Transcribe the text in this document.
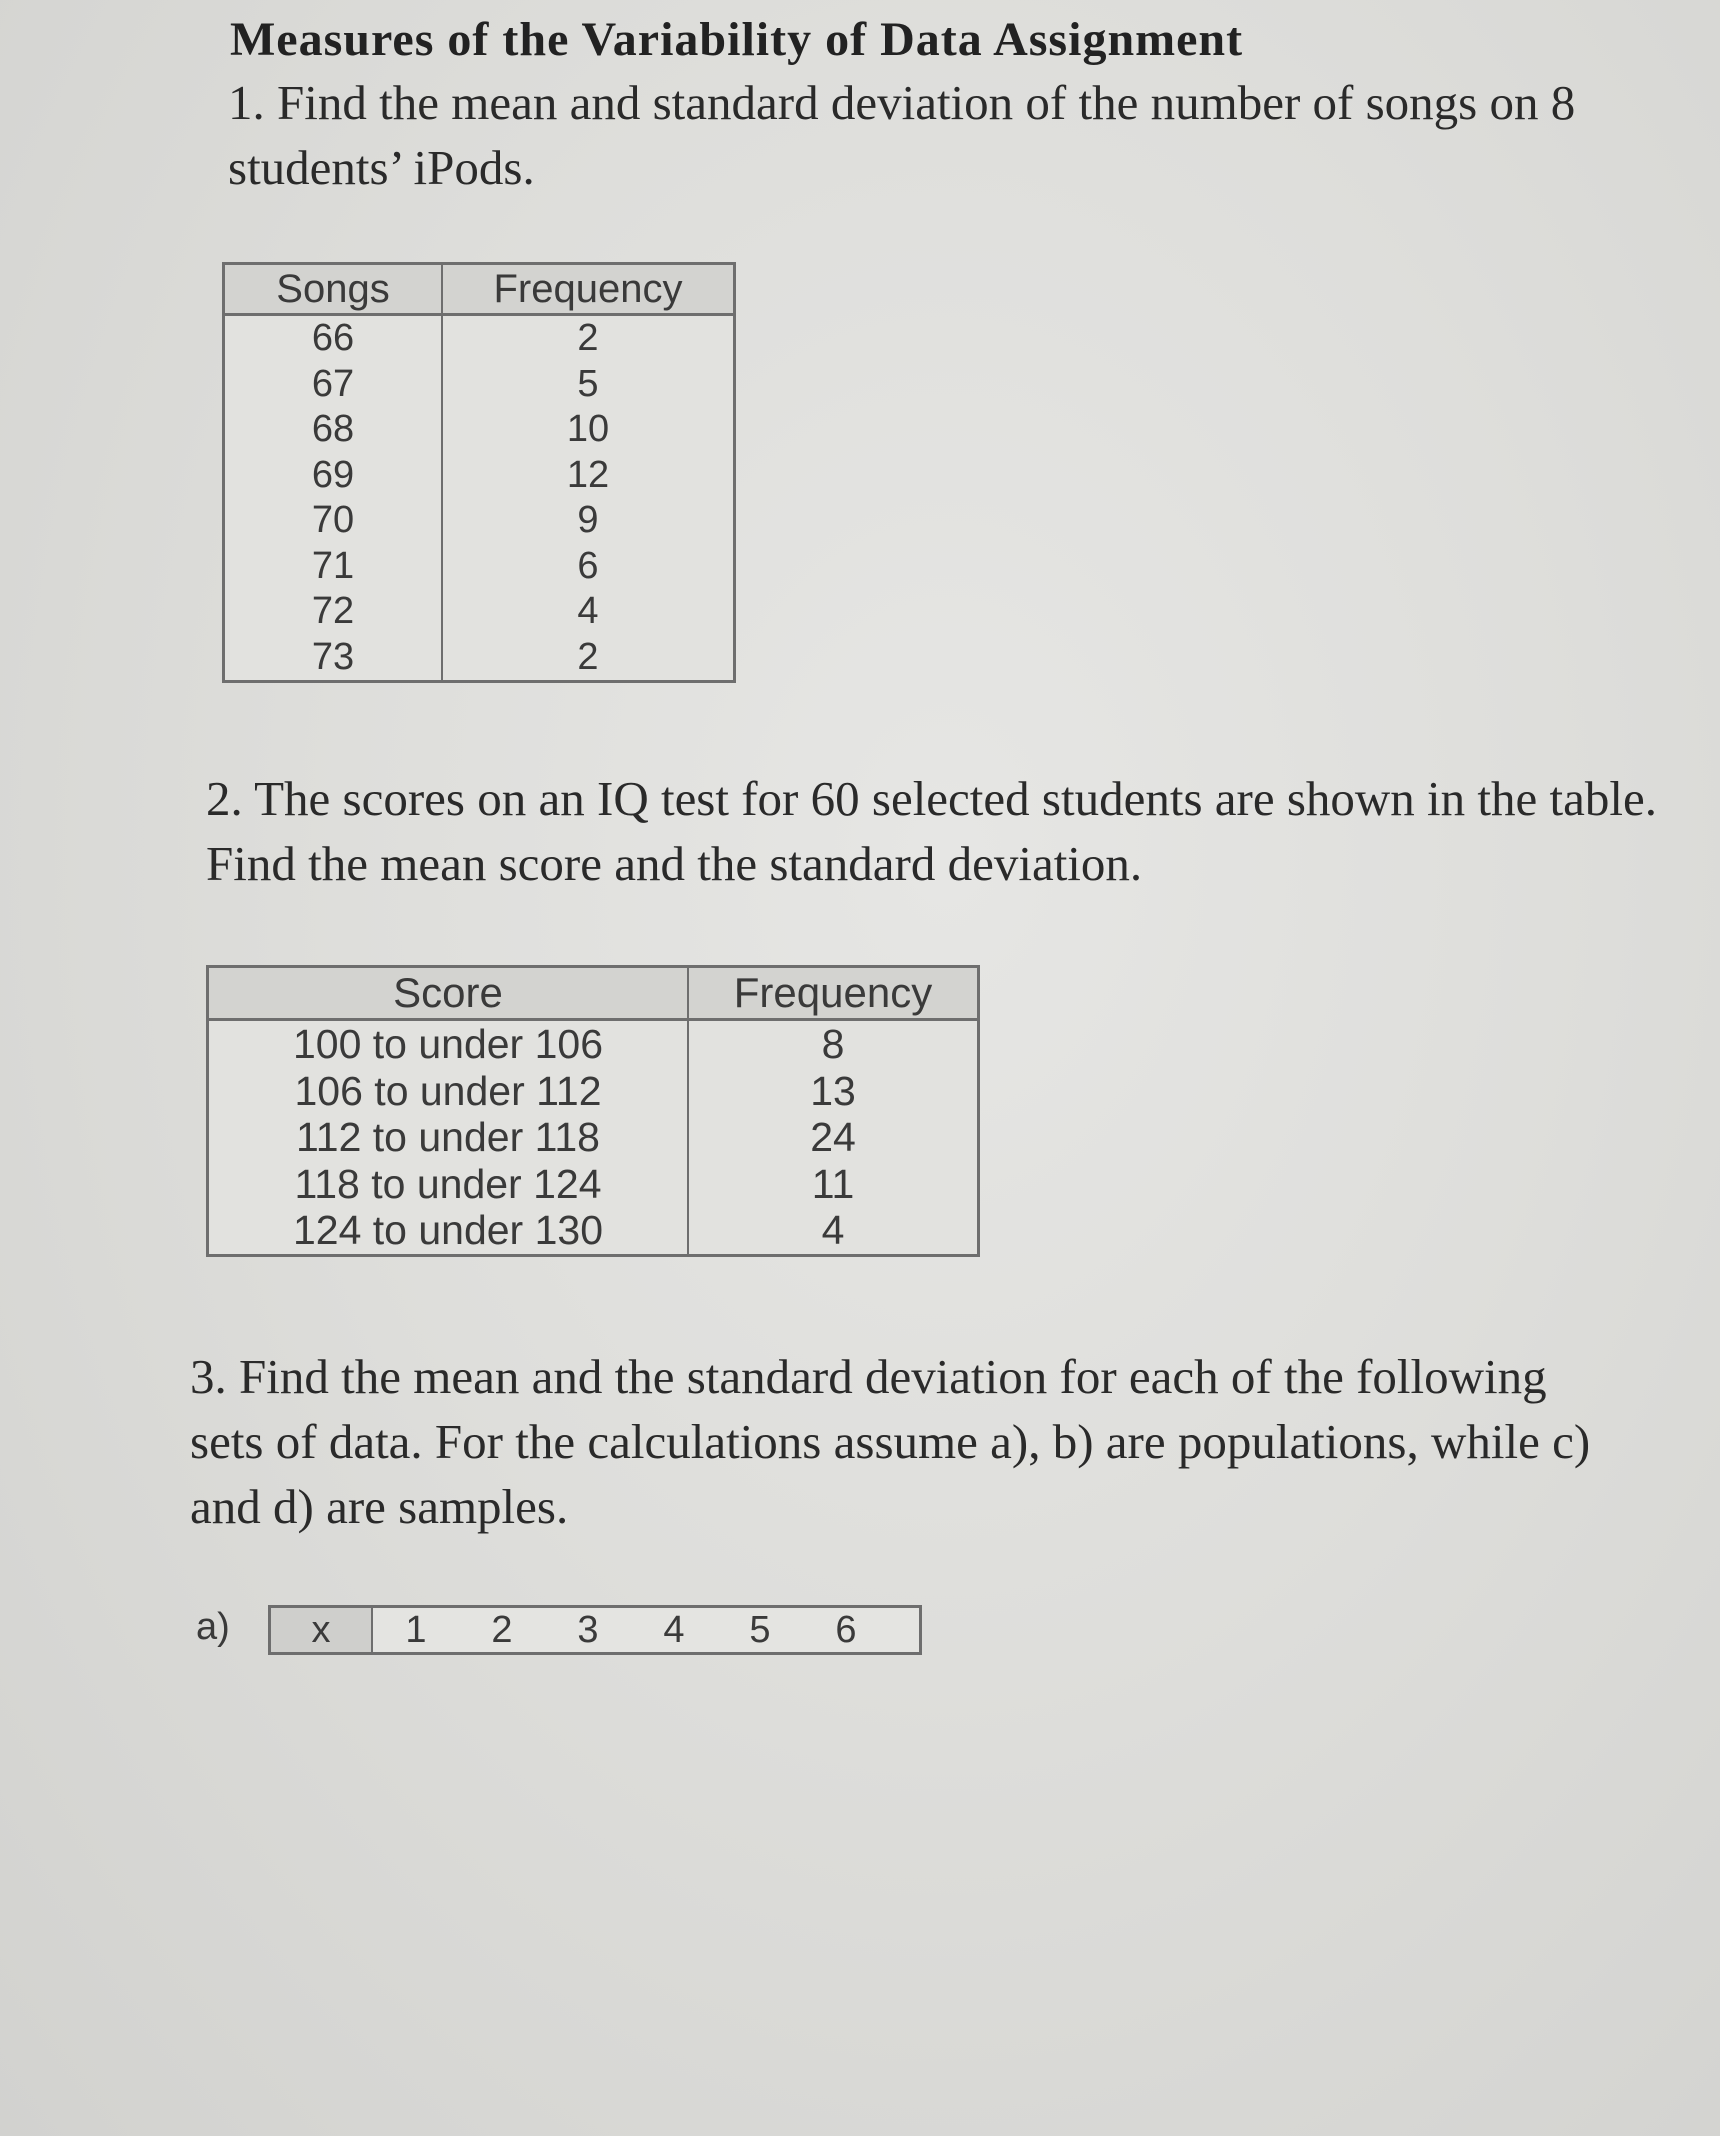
Measures of the Variability of Data Assignment
1. Find the mean and standard deviation of the number of songs on 8 students’ iPods.
Songs	Frequency
66	2
67	5
68	10
69	12
70	9
71	6
72	4
73	2
2. The scores on an IQ test for 60 selected students are shown in the table. Find the mean score and the standard deviation.
Score	Frequency
100 to under 106	8
106 to under 112	13
112 to under 118	24
118 to under 124	11
124 to under 130	4
3. Find the mean and the standard deviation for each of the following sets of data. For the calculations assume a), b) are populations, while c) and d) are samples.
a)	x	1	2	3	4	5	6
